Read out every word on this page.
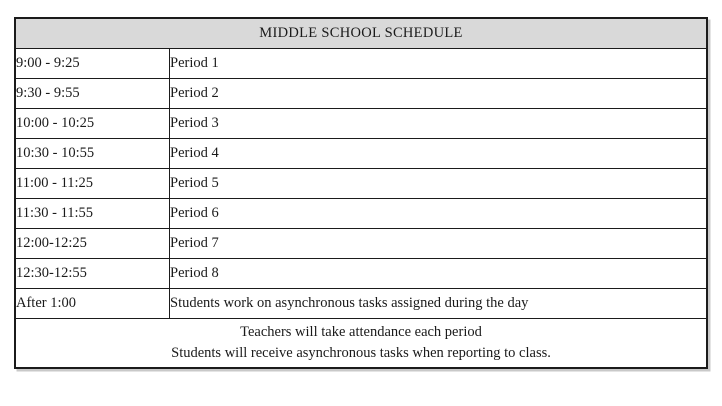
MIDDLE SCHOOL SCHEDULE	
9:00 - 9:25	Period 1
9:30 - 9:55	Period 2
10:00 - 10:25	Period 3
10:30 - 10:55	Period 4
11:00 - 11:25	Period 5
11:30 - 11:55	Period 6
12:00-12:25	Period 7
12:30-12:55	Period 8
After 1:00	Students work on asynchronous tasks assigned during the day

Teachers will take attendance each period
Students will receive asynchronous tasks when reporting to class.	
